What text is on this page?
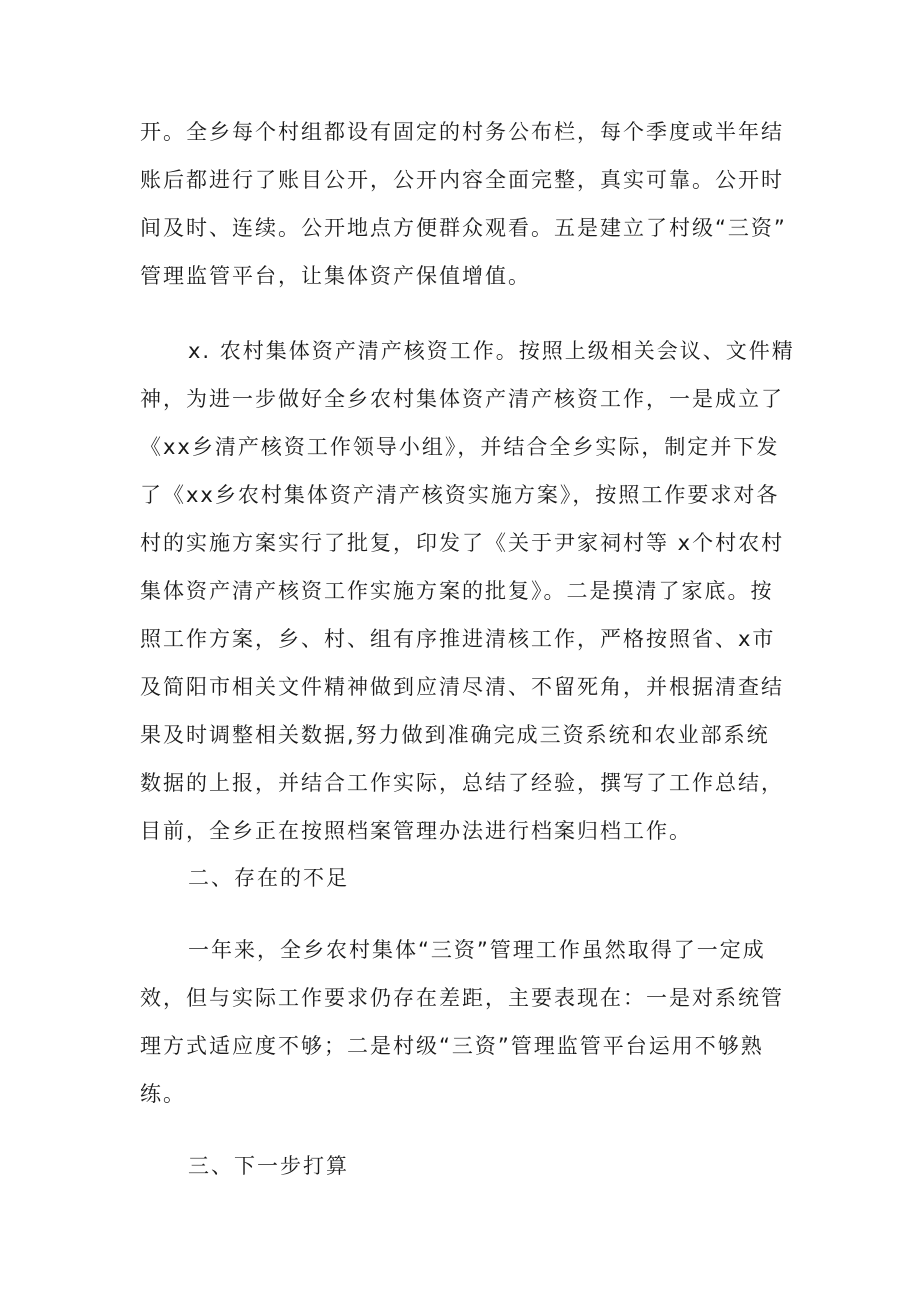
开。全乡每个村组都设有固定的村务公布栏，每个季度或半年结
账后都进行了账目公开，公开内容全面完整，真实可靠。公开时
间及时、连续。公开地点方便群众观看。五是建立了村级“三资”
管理监管平台，让集体资产保值增值。
x. 农村集体资产清产核资工作。按照上级相关会议、文件精
神，为进一步做好全乡农村集体资产清产核资工作，一是成立了
《xx乡清产核资工作领导小组》，并结合全乡实际，制定并下发
了《xx乡农村集体资产清产核资实施方案》，按照工作要求对各
村的实施方案实行了批复，印发了《关于尹家祠村等 x个村农村
集体资产清产核资工作实施方案的批复》。二是摸清了家底。按
照工作方案，乡、村、组有序推进清核工作，严格按照省、x市
及简阳市相关文件精神做到应清尽清、不留死角，并根据清查结
果及时调整相关数据,努力做到准确完成三资系统和农业部系统
数据的上报，并结合工作实际，总结了经验，撰写了工作总结，
目前，全乡正在按照档案管理办法进行档案归档工作。
二、存在的不足
一年来，全乡农村集体“三资”管理工作虽然取得了一定成
效，但与实际工作要求仍存在差距，主要表现在：一是对系统管
理方式适应度不够；二是村级“三资”管理监管平台运用不够熟
练。
三、下一步打算
